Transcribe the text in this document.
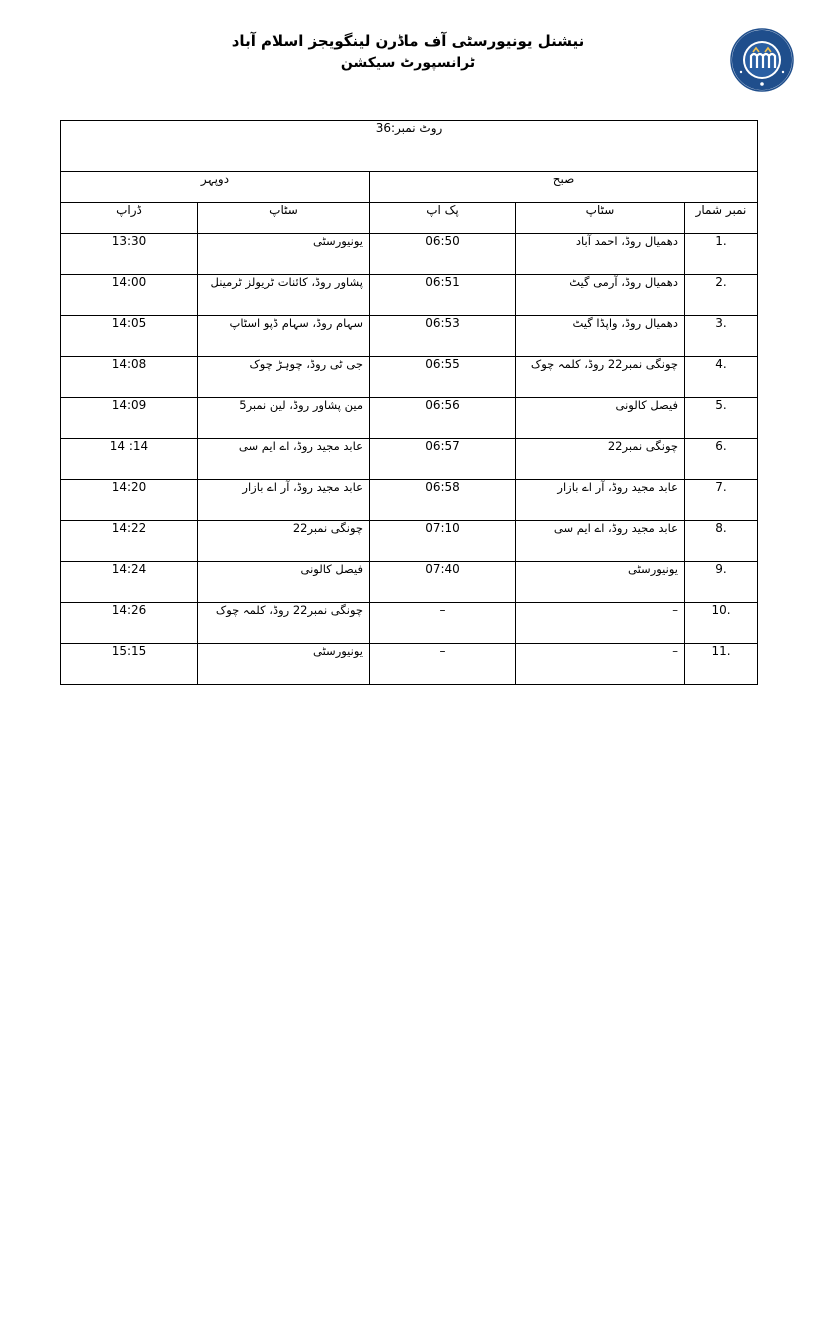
نیشنل یونیورسٹی آف ماڈرن لینگویجز اسلام آباد
ٹرانسپورٹ سیکشن
روٹ نمبر:36				
دوپہر		صبح		
ڈراپ	سٹاپ	پک اپ	سٹاپ	نمبر شمار
13:30	یونیورسٹی	06:50	دھمیال روڈ، احمد آباد	1.
14:00	پشاور روڈ، کائنات ٹریولز ٹرمینل	06:51	دھمیال روڈ، آرمی گیٹ	2.
14:05	سہام روڈ، سہام ڈپو اسٹاپ	06:53	دھمیال روڈ، واپڈا گیٹ	3.
14:08	جی ٹی روڈ، چوہڑ چوک	06:55	چونگی نمبر22 روڈ، کلمہ چوک	4.
14:09	مین پشاور روڈ، لین نمبر5	06:56	فیصل کالونی	5.
14 :14	عابد مجید روڈ، اے ایم سی	06:57	چونگی نمبر22	6.
14:20	عابد مجید روڈ، آر اے بازار	06:58	عابد مجید روڈ، آر اے بازار	7.
14:22	چونگی نمبر22	07:10	عابد مجید روڈ، اے ایم سی	8.
14:24	فیصل کالونی	07:40	یونیورسٹی	9.
14:26	چونگی نمبر22 روڈ، کلمہ چوک	–	–	10.
15:15	یونیورسٹی	–	–	11.
